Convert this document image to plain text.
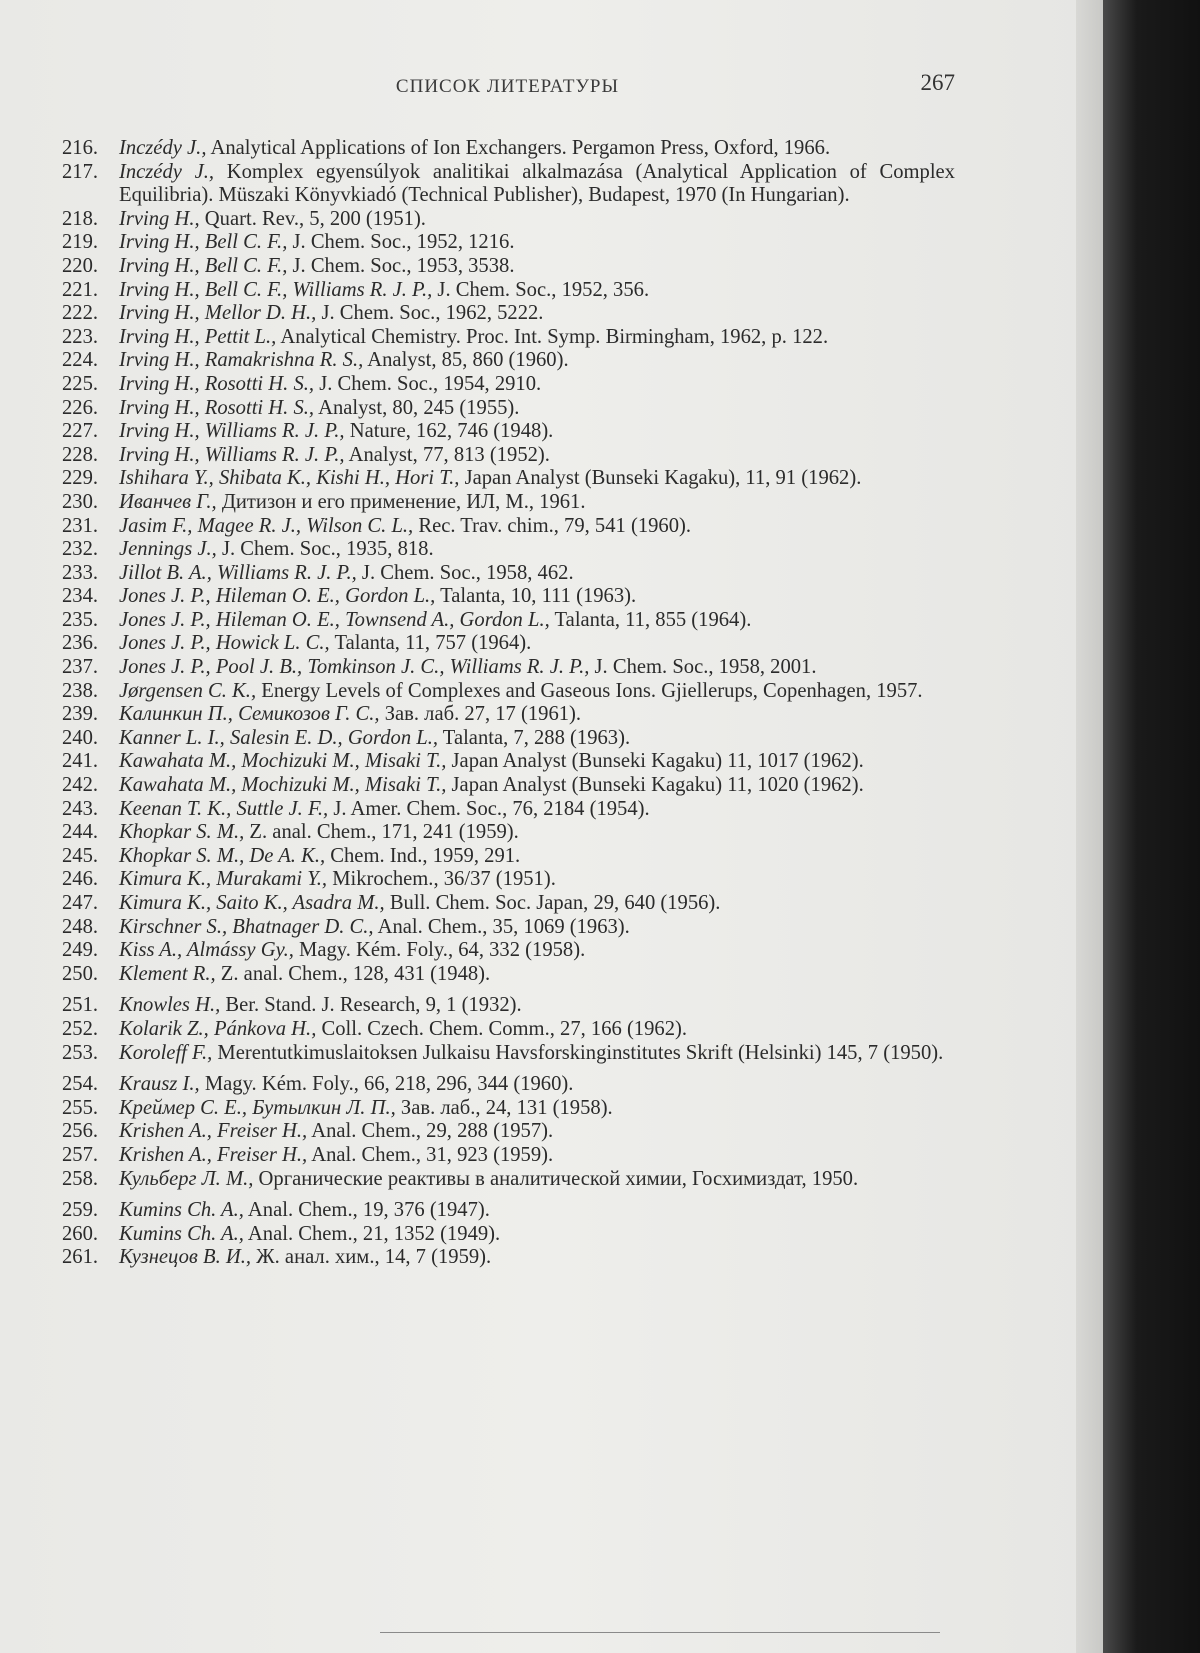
СПИСОК ЛИТЕРАТУРЫ	267
216. Inczédy J., Analytical Applications of Ion Exchangers. Pergamon Press, Oxford, 1966.
217. Inczédy J., Komplex egyensúlyok analitikai alkalmazása (Analytical Application of Complex Equilibria). Müszaki Könyvkiadó (Technical Publisher), Budapest, 1970 (In Hungarian).
218. Irving H., Quart. Rev., 5, 200 (1951).
219. Irving H., Bell C. F., J. Chem. Soc., 1952, 1216.
220. Irving H., Bell C. F., J. Chem. Soc., 1953, 3538.
221. Irving H., Bell C. F., Williams R. J. P., J. Chem. Soc., 1952, 356.
222. Irving H., Mellor D. H., J. Chem. Soc., 1962, 5222.
223. Irving H., Pettit L., Analytical Chemistry. Proc. Int. Symp. Birmingham, 1962, p. 122.
224. Irving H., Ramakrishna R. S., Analyst, 85, 860 (1960).
225. Irving H., Rosotti H. S., J. Chem. Soc., 1954, 2910.
226. Irving H., Rosotti H. S., Analyst, 80, 245 (1955).
227. Irving H., Williams R. J. P., Nature, 162, 746 (1948).
228. Irving H., Williams R. J. P., Analyst, 77, 813 (1952).
229. Ishihara Y., Shibata K., Kishi H., Hori T., Japan Analyst (Bunseki Kagaku), 11, 91 (1962).
230. Иванчев Г., Дитизон и его применение, ИЛ, М., 1961.
231. Jasim F., Magee R. J., Wilson C. L., Rec. Trav. chim., 79, 541 (1960).
232. Jennings J., J. Chem. Soc., 1935, 818.
233. Jillot B. A., Williams R. J. P., J. Chem. Soc., 1958, 462.
234. Jones J. P., Hileman O. E., Gordon L., Talanta, 10, 111 (1963).
235. Jones J. P., Hileman O. E., Townsend A., Gordon L., Talanta, 11, 855 (1964).
236. Jones J. P., Howick L. C., Talanta, 11, 757 (1964).
237. Jones J. P., Pool J. B., Tomkinson J. C., Williams R. J. P., J. Chem. Soc., 1958, 2001.
238. Jørgensen C. K., Energy Levels of Complexes and Gaseous Ions. Gjiellerups, Copenhagen, 1957.
239. Калинкин П., Семикозов Г. С., Зав. лаб. 27, 17 (1961).
240. Kanner L. I., Salesin E. D., Gordon L., Talanta, 7, 288 (1963).
241. Kawahata M., Mochizuki M., Misaki T., Japan Analyst (Bunseki Kagaku) 11, 1017 (1962).
242. Kawahata M., Mochizuki M., Misaki T., Japan Analyst (Bunseki Kagaku) 11, 1020 (1962).
243. Keenan T. K., Suttle J. F., J. Amer. Chem. Soc., 76, 2184 (1954).
244. Khopkar S. M., Z. anal. Chem., 171, 241 (1959).
245. Khopkar S. M., De A. K., Chem. Ind., 1959, 291.
246. Kimura K., Murakami Y., Mikrochem., 36/37 (1951).
247. Kimura K., Saito K., Asadra M., Bull. Chem. Soc. Japan, 29, 640 (1956).
248. Kirschner S., Bhatnager D. C., Anal. Chem., 35, 1069 (1963).
249. Kiss A., Almássy Gy., Magy. Kém. Foly., 64, 332 (1958).
250. Klement R., Z. anal. Chem., 128, 431 (1948).
251. Knowles H., Ber. Stand. J. Research, 9, 1 (1932).
252. Kolarik Z., Pánkova H., Coll. Czech. Chem. Comm., 27, 166 (1962).
253. Koroleff F., Merentutkimuslaitoksen Julkaisu Havsforskinginstitutes Skrift (Helsinki) 145, 7 (1950).
254. Krausz I., Magy. Kém. Foly., 66, 218, 296, 344 (1960).
255. Креймер С. Е., Бутылкин Л. П., Зав. лаб., 24, 131 (1958).
256. Krishen A., Freiser H., Anal. Chem., 29, 288 (1957).
257. Krishen A., Freiser H., Anal. Chem., 31, 923 (1959).
258. Кульберг Л. М., Органические реактивы в аналитической химии, Госхимиздат, 1950.
259. Kumins Ch. A., Anal. Chem., 19, 376 (1947).
260. Kumins Ch. A., Anal. Chem., 21, 1352 (1949).
261. Кузнецов В. И., Ж. анал. хим., 14, 7 (1959).
